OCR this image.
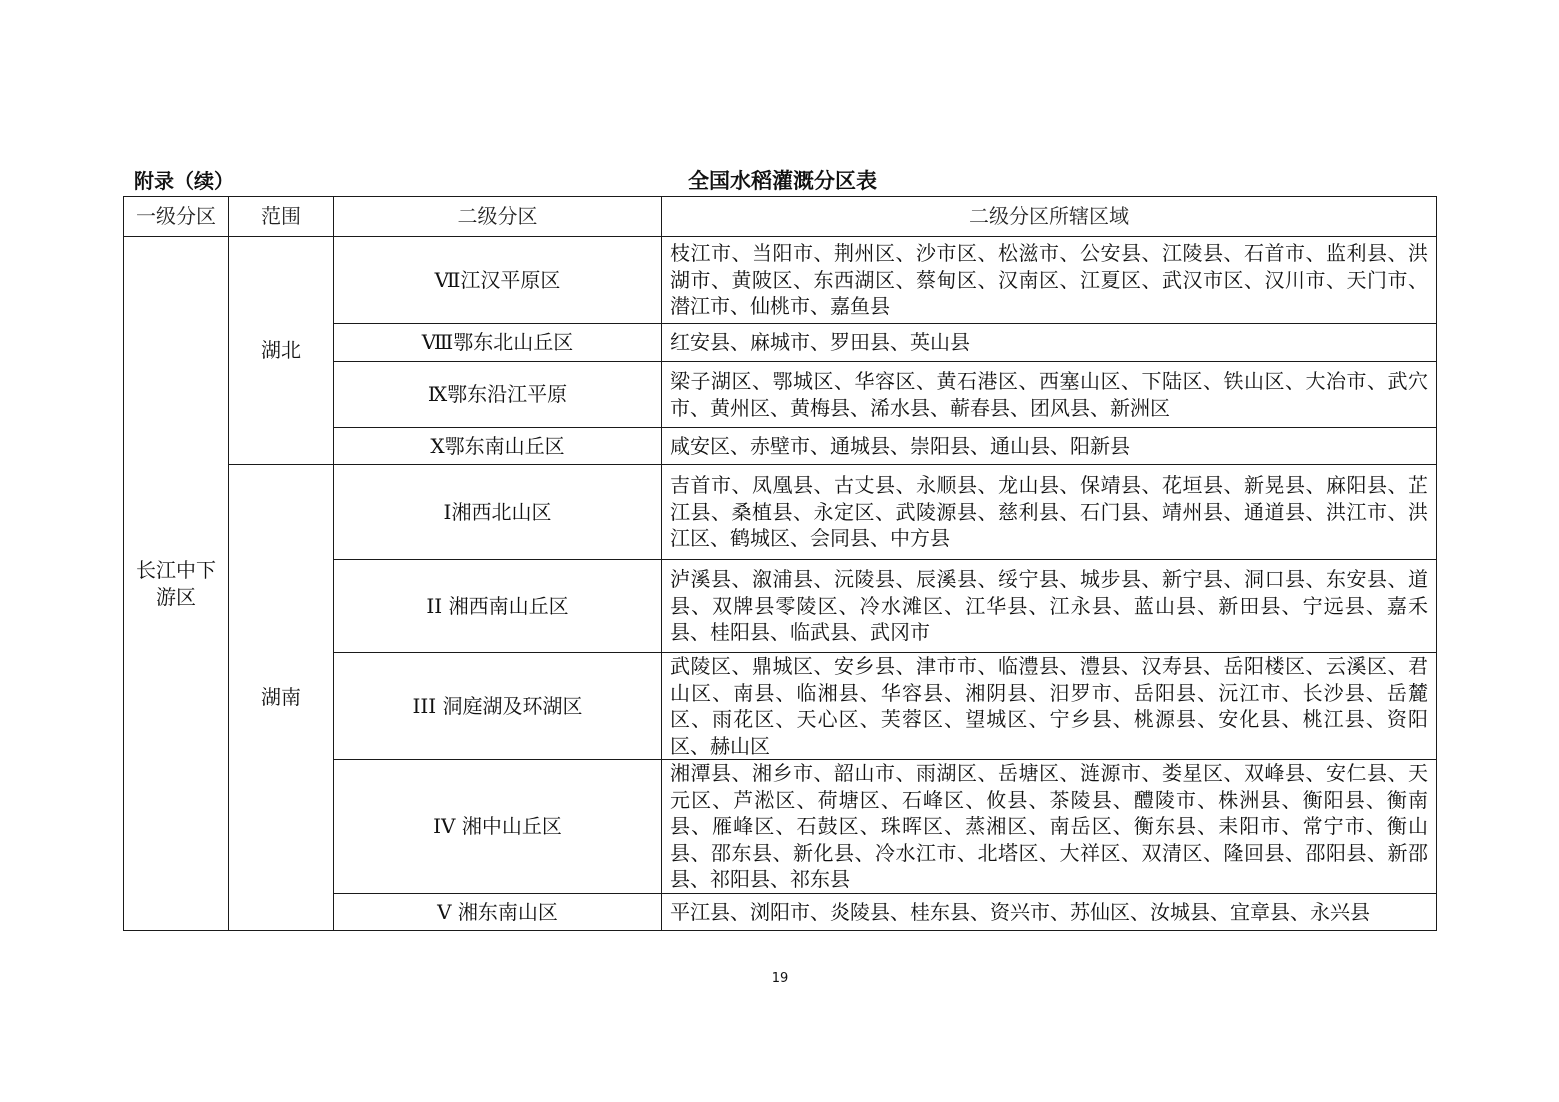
附录（续）	全国水稻灌溉分区表
一级分区	范围	二级分区	二级分区所辖区域
长江中下游区	湖北	Ⅶ江汉平原区	枝江市、当阳市、荆州区、沙市区、松滋市、公安县、江陵县、石首市、监利县、洪湖市、黄陂区、东西湖区、蔡甸区、汉南区、江夏区、武汉市区、汉川市、天门市、潜江市、仙桃市、嘉鱼县
		Ⅷ鄂东北山丘区	红安县、麻城市、罗田县、英山县
		Ⅸ鄂东沿江平原	梁子湖区、鄂城区、华容区、黄石港区、西塞山区、下陆区、铁山区、大冶市、武穴市、黄州区、黄梅县、浠水县、蕲春县、团风县、新洲区
		Ⅹ鄂东南山丘区	咸安区、赤壁市、通城县、崇阳县、通山县、阳新县
	湖南	Ⅰ湘西北山区	吉首市、凤凰县、古丈县、永顺县、龙山县、保靖县、花垣县、新晃县、麻阳县、芷江县、桑植县、永定区、武陵源县、慈利县、石门县、靖州县、通道县、洪江市、洪江区、鹤城区、会同县、中方县
		II 湘西南山丘区	泸溪县、溆浦县、沅陵县、辰溪县、绥宁县、城步县、新宁县、洞口县、东安县、道县、双牌县零陵区、冷水滩区、江华县、江永县、蓝山县、新田县、宁远县、嘉禾县、桂阳县、临武县、武冈市
		III 洞庭湖及环湖区	武陵区、鼎城区、安乡县、津市市、临澧县、澧县、汉寿县、岳阳楼区、云溪区、君山区、南县、临湘县、华容县、湘阴县、汨罗市、岳阳县、沅江市、长沙县、岳麓区、雨花区、天心区、芙蓉区、望城区、宁乡县、桃源县、安化县、桃江县、资阳区、赫山区
		IV 湘中山丘区	湘潭县、湘乡市、韶山市、雨湖区、岳塘区、涟源市、娄星区、双峰县、安仁县、天元区、芦淞区、荷塘区、石峰区、攸县、茶陵县、醴陵市、株洲县、衡阳县、衡南县、雁峰区、石鼓区、珠晖区、蒸湘区、南岳区、衡东县、耒阳市、常宁市、衡山县、邵东县、新化县、冷水江市、北塔区、大祥区、双清区、隆回县、邵阳县、新邵县、祁阳县、祁东县
		V 湘东南山区	平江县、浏阳市、炎陵县、桂东县、资兴市、苏仙区、汝城县、宜章县、永兴县
19
